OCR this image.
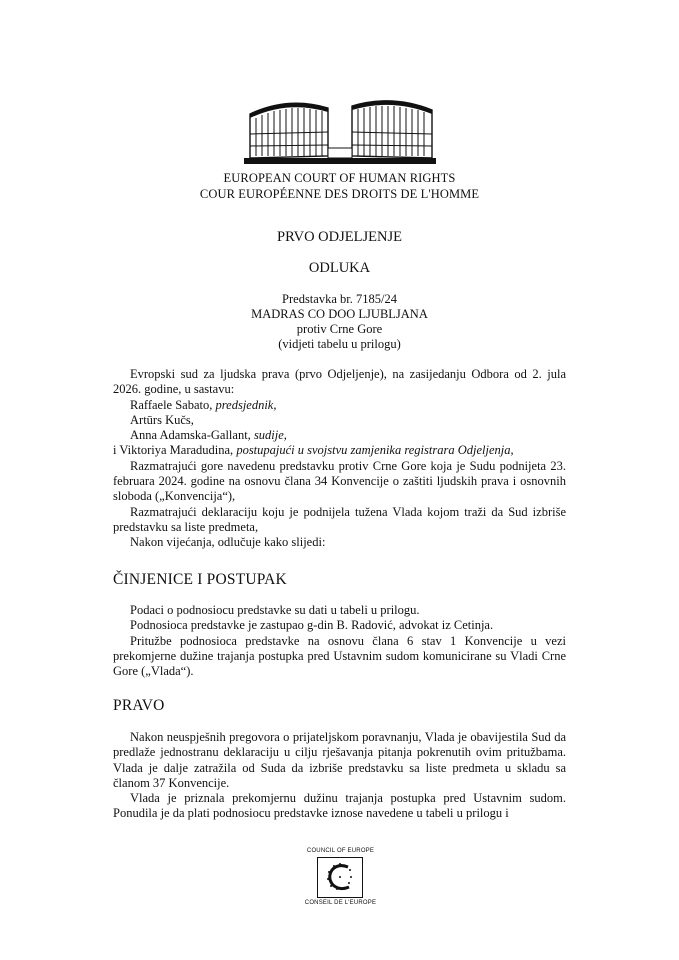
EUROPEAN COURT OF HUMAN RIGHTS
COUR EUROPÉENNE DES DROITS DE L'HOMME
PRVO ODJELJENJE
ODLUKA
Predstavka br. 7185/24
MADRAS CO DOO LJUBLJANA
protiv Crne Gore
(vidjeti tabelu u prilogu)

Evropski sud za ljudska prava (prvo Odjeljenje), na zasijedanju Odbora od 2. jula 2026. godine, u sastavu:

Raffaele Sabato, predsjednik,
Artūrs Kučs,
Anna Adamska-Gallant, sudije,
i Viktoriya Maradudina, postupajući u svojstvu zamjenika registrara Odjeljenja,

Razmatrajući gore navedenu predstavku protiv Crne Gore koja je Sudu podnijeta 23. februara 2024. godine na osnovu člana 34 Konvencije o zaštiti ljudskih prava i osnovnih sloboda („Konvencija“),

Razmatrajući deklaraciju koju je podnijela tužena Vlada kojom traži da Sud izbriše predstavku sa liste predmeta,

Nakon vijećanja, odlučuje kako slijedi:

ČINJENICE I POSTUPAK

Podaci o podnosiocu predstavke su dati u tabeli u prilogu.

Podnosioca predstavke je zastupao g-din B. Radović, advokat iz Cetinja.

Pritužbe podnosioca predstavke na osnovu člana 6 stav 1 Konvencije u vezi prekomjerne dužine trajanja postupka pred Ustavnim sudom komunicirane su Vladi Crne Gore („Vlada“).

PRAVO

Nakon neuspješnih pregovora o prijateljskom poravnanju, Vlada je obavijestila Sud da predlaže jednostranu deklaraciju u cilju rješavanja pitanja pokrenutih ovim pritužbama. Vlada je dalje zatražila od Suda da izbriše predstavku sa liste predmeta u skladu sa članom 37 Konvencije.

Vlada je priznala prekomjernu dužinu trajanja postupka pred Ustavnim sudom. Ponudila je da plati podnosiocu predstavke iznose navedene u tabeli u prilogu i

COUNCIL OF EUROPE
CONSEIL DE L'EUROPE
